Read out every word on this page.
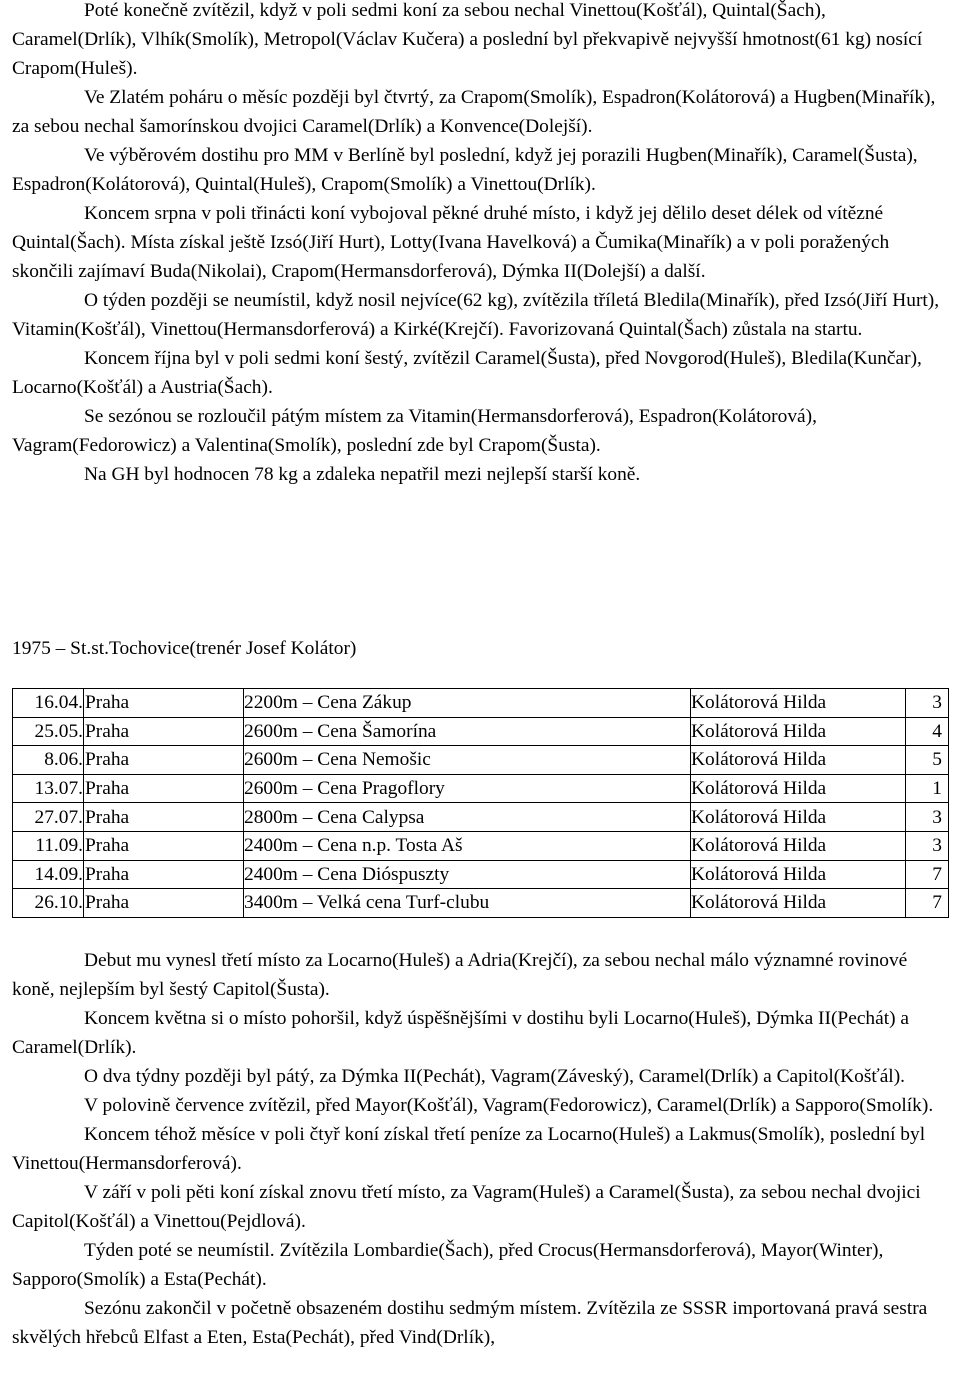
Poté konečně zvítězil, když v poli sedmi koní za sebou nechal Vinettou(Košťál), Quintal(Šach), Caramel(Drlík), Vlhík(Smolík), Metropol(Václav Kučera) a poslední byl překvapivě nejvyšší hmotnost(61 kg) nosící Crapom(Huleš).

Ve Zlatém poháru o měsíc později byl čtvrtý, za Crapom(Smolík), Espadron(Kolátorová) a Hugben(Minařík), za sebou nechal šamorínskou dvojici Caramel(Drlík) a Konvence(Dolejší).

Ve výběrovém dostihu pro MM v Berlíně byl poslední, když jej porazili Hugben(Minařík), Caramel(Šusta), Espadron(Kolátorová), Quintal(Huleš), Crapom(Smolík) a Vinettou(Drlík).

Koncem srpna v poli třinácti koní vybojoval pěkné druhé místo, i když jej dělilo deset délek od vítězné Quintal(Šach). Místa získal ještě Izsó(Jiří Hurt), Lotty(Ivana Havelková) a Čumika(Minařík) a v poli poražených skončili zajímaví Buda(Nikolai), Crapom(Hermansdorferová), Dýmka II(Dolejší) a další.

O týden později se neumístil, když nosil nejvíce(62 kg), zvítězila tříletá Bledila(Minařík), před Izsó(Jiří Hurt), Vitamin(Košťál), Vinettou(Hermansdorferová) a Kirké(Krejčí). Favorizovaná Quintal(Šach) zůstala na startu.

Koncem října byl v poli sedmi koní šestý, zvítězil Caramel(Šusta), před Novgorod(Huleš), Bledila(Kunčar), Locarno(Košťál) a Austria(Šach).

Se sezónou se rozloučil pátým místem za Vitamin(Hermansdorferová), Espadron(Kolátorová), Vagram(Fedorowicz) a Valentina(Smolík), poslední zde byl Crapom(Šusta).

Na GH byl hodnocen 78 kg a zdaleka nepatřil mezi nejlepší starší koně.

1975 – St.st.Tochovice(trenér Josef Kolátor)

16.04.	Praha	2200m – Cena Zákup	Kolátorová Hilda	3
25.05.	Praha	2600m – Cena Šamorína	Kolátorová Hilda	4
8.06.	Praha	2600m – Cena Nemošic	Kolátorová Hilda	5
13.07.	Praha	2600m – Cena Pragoflory	Kolátorová Hilda	1
27.07.	Praha	2800m – Cena Calypsa	Kolátorová Hilda	3
11.09.	Praha	2400m – Cena n.p. Tosta Aš	Kolátorová Hilda	3
14.09.	Praha	2400m – Cena Dióspuszty	Kolátorová Hilda	7
26.10.	Praha	3400m – Velká cena Turf-clubu	Kolátorová Hilda	7

Debut mu vynesl třetí místo za Locarno(Huleš) a Adria(Krejčí), za sebou nechal málo významné rovinové koně, nejlepším byl šestý Capitol(Šusta).

Koncem května si o místo pohoršil, když úspěšnějšími v dostihu byli Locarno(Huleš), Dýmka II(Pechát) a Caramel(Drlík).

O dva týdny později byl pátý, za Dýmka II(Pechát), Vagram(Záveský), Caramel(Drlík) a Capitol(Košťál).

V polovině července zvítězil, před Mayor(Košťál), Vagram(Fedorowicz), Caramel(Drlík) a Sapporo(Smolík).

Koncem téhož měsíce v poli čtyř koní získal třetí peníze za Locarno(Huleš) a Lakmus(Smolík), poslední byl Vinettou(Hermansdorferová).

V září v poli pěti koní získal znovu třetí místo, za Vagram(Huleš) a Caramel(Šusta), za sebou nechal dvojici Capitol(Košťál) a Vinettou(Pejdlová).

Týden poté se neumístil. Zvítězila Lombardie(Šach), před Crocus(Hermansdorferová), Mayor(Winter), Sapporo(Smolík) a Esta(Pechát).

Sezónu zakončil v početně obsazeném dostihu sedmým místem. Zvítězila ze SSSR importovaná pravá sestra skvělých hřebců Elfast a Eten, Esta(Pechát), před Vind(Drlík),
